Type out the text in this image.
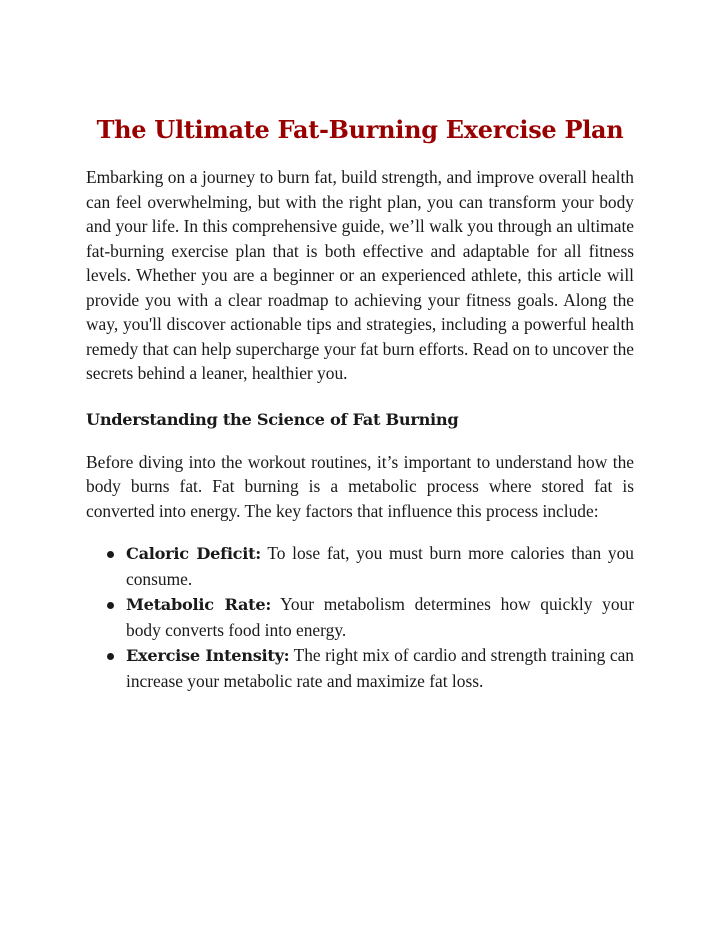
The Ultimate Fat-Burning Exercise Plan

Embarking on a journey to burn fat, build strength, and improve overall health can feel overwhelming, but with the right plan, you can transform your body and your life. In this comprehensive guide, we’ll walk you through an ultimate fat-burning exercise plan that is both effective and adaptable for all fitness levels. Whether you are a beginner or an experienced athlete, this article will provide you with a clear roadmap to achieving your fitness goals. Along the way, you'll discover actionable tips and strategies, including a powerful health remedy that can help supercharge your fat burn efforts. Read on to uncover the secrets behind a leaner, healthier you.

Understanding the Science of Fat Burning

Before diving into the workout routines, it’s important to understand how the body burns fat. Fat burning is a metabolic process where stored fat is converted into energy. The key factors that influence this process include:

Caloric Deficit: To lose fat, you must burn more calories than you consume.
Metabolic Rate: Your metabolism determines how quickly your body converts food into energy.
Exercise Intensity: The right mix of cardio and strength training can increase your metabolic rate and maximize fat loss.
